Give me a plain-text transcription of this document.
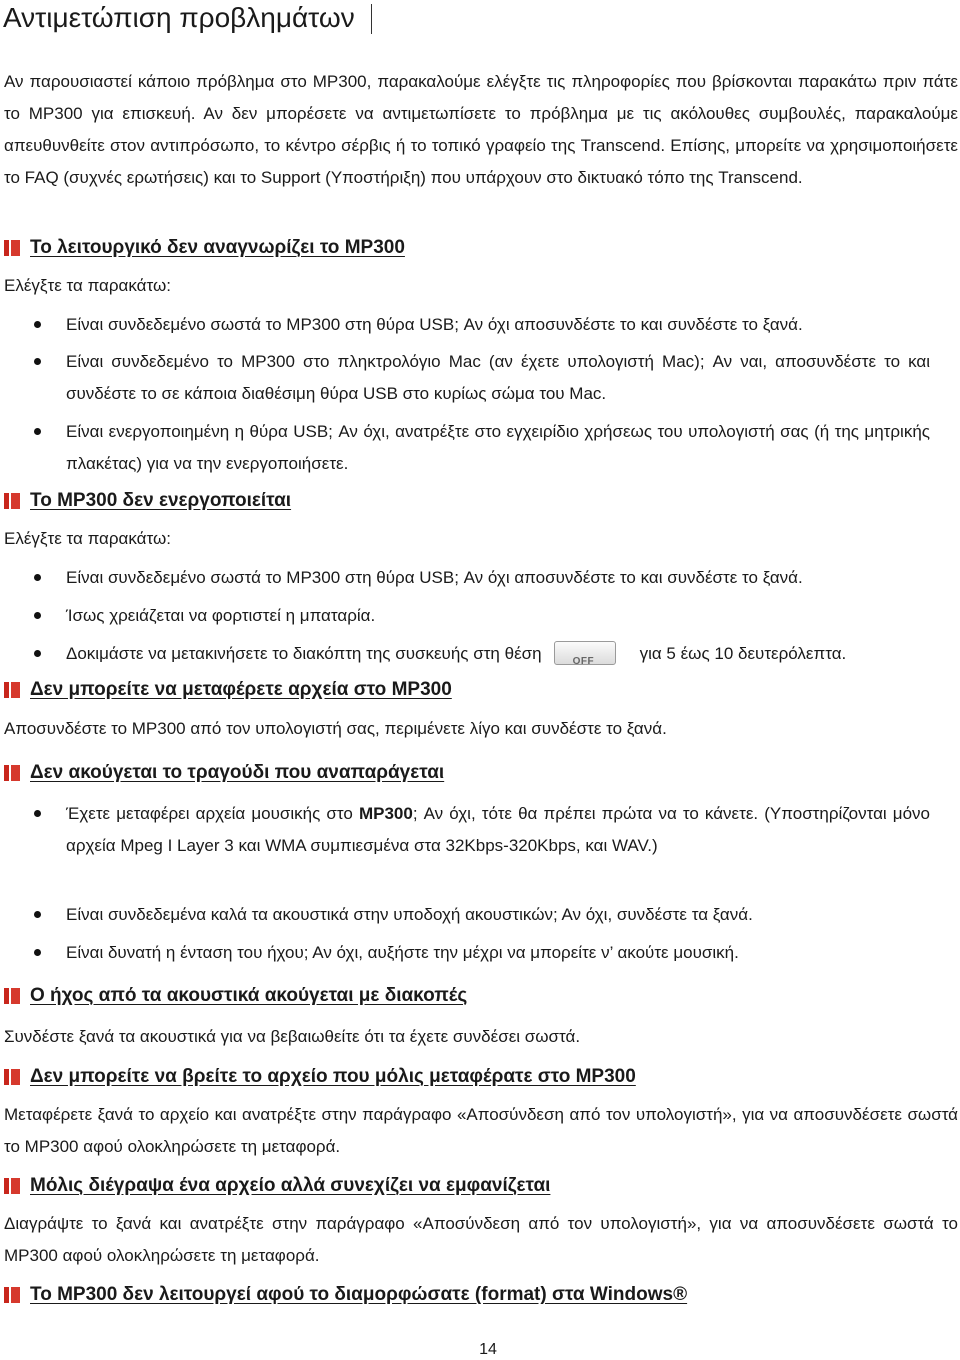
Αντιμετώπιση προβλημάτων

Αν παρουσιαστεί κάποιο πρόβλημα στο MP300, παρακαλούμε ελέγξτε τις πληροφορίες που βρίσκονται παρακάτω πριν πάτε το MP300 για επισκευή. Αν δεν μπορέσετε να αντιμετωπίσετε το πρόβλημα με τις ακόλουθες συμβουλές, παρακαλούμε απευθυνθείτε στον αντιπρόσωπο, το κέντρο σέρβις ή το τοπικό γραφείο της Transcend. Επίσης, μπορείτε να χρησιμοποιήσετε το FAQ (συχνές ερωτήσεις) και το Support (Υποστήριξη) που υπάρχουν στο δικτυακό τόπο της Transcend.

Το λειτουργικό δεν αναγνωρίζει το MP300

Ελέγξτε τα παρακάτω:

Είναι συνδεδεμένο σωστά το MP300 στη θύρα USB; Αν όχι αποσυνδέστε το και συνδέστε το ξανά.

Είναι συνδεδεμένο το MP300 στο πληκτρολόγιο Mac (αν έχετε υπολογιστή Mac); Αν ναι, αποσυνδέστε το και συνδέστε το σε κάποια διαθέσιμη θύρα USB στο κυρίως σώμα του Mac.

Είναι ενεργοποιημένη η θύρα USB; Αν όχι, ανατρέξτε στο εγχειρίδιο χρήσεως του υπολογιστή σας (ή της μητρικής πλακέτας) για να την ενεργοποιήσετε.

Το MP300 δεν ενεργοποιείται

Ελέγξτε τα παρακάτω:

Είναι συνδεδεμένο σωστά το MP300 στη θύρα USB; Αν όχι αποσυνδέστε το και συνδέστε το ξανά.

Ίσως χρειάζεται να φορτιστεί η μπαταρία.

Δοκιμάστε να μετακινήσετε το διακόπτη της συσκευής στη θέση	OFF	για 5 έως 10 δευτερόλεπτα.

Δεν μπορείτε να μεταφέρετε αρχεία στο MP300

Αποσυνδέστε το MP300 από τον υπολογιστή σας, περιμένετε λίγο και συνδέστε το ξανά.

Δεν ακούγεται το τραγούδι που αναπαράγεται

Έχετε μεταφέρει αρχεία μουσικής στο MP300; Αν όχι, τότε θα πρέπει πρώτα να το κάνετε. (Υποστηρίζονται μόνο αρχεία Mpeg I Layer 3 και WMA συμπιεσμένα στα 32Kbps-320Kbps, και WAV.)

Είναι συνδεδεμένα καλά τα ακουστικά στην υποδοχή ακουστικών; Αν όχι, συνδέστε τα ξανά.

Είναι δυνατή η ένταση του ήχου; Αν όχι, αυξήστε την μέχρι να μπορείτε ν’ ακούτε μουσική.

Ο ήχος από τα ακουστικά ακούγεται με διακοπές

Συνδέστε ξανά τα ακουστικά για να βεβαιωθείτε ότι τα έχετε συνδέσει σωστά.

Δεν μπορείτε να βρείτε το αρχείο που μόλις μεταφέρατε στο MP300

Μεταφέρετε ξανά το αρχείο και ανατρέξτε στην παράγραφο «Αποσύνδεση από τον υπολογιστή», για να αποσυνδέσετε σωστά το MP300 αφού ολοκληρώσετε τη μεταφορά.

Μόλις διέγραψα ένα αρχείο αλλά συνεχίζει να εμφανίζεται

Διαγράψτε το ξανά και ανατρέξτε στην παράγραφο «Αποσύνδεση από τον υπολογιστή», για να αποσυνδέσετε σωστά το MP300 αφού ολοκληρώσετε τη μεταφορά.

Το MP300 δεν λειτουργεί αφού το διαμορφώσατε (format) στα Windows®
14
